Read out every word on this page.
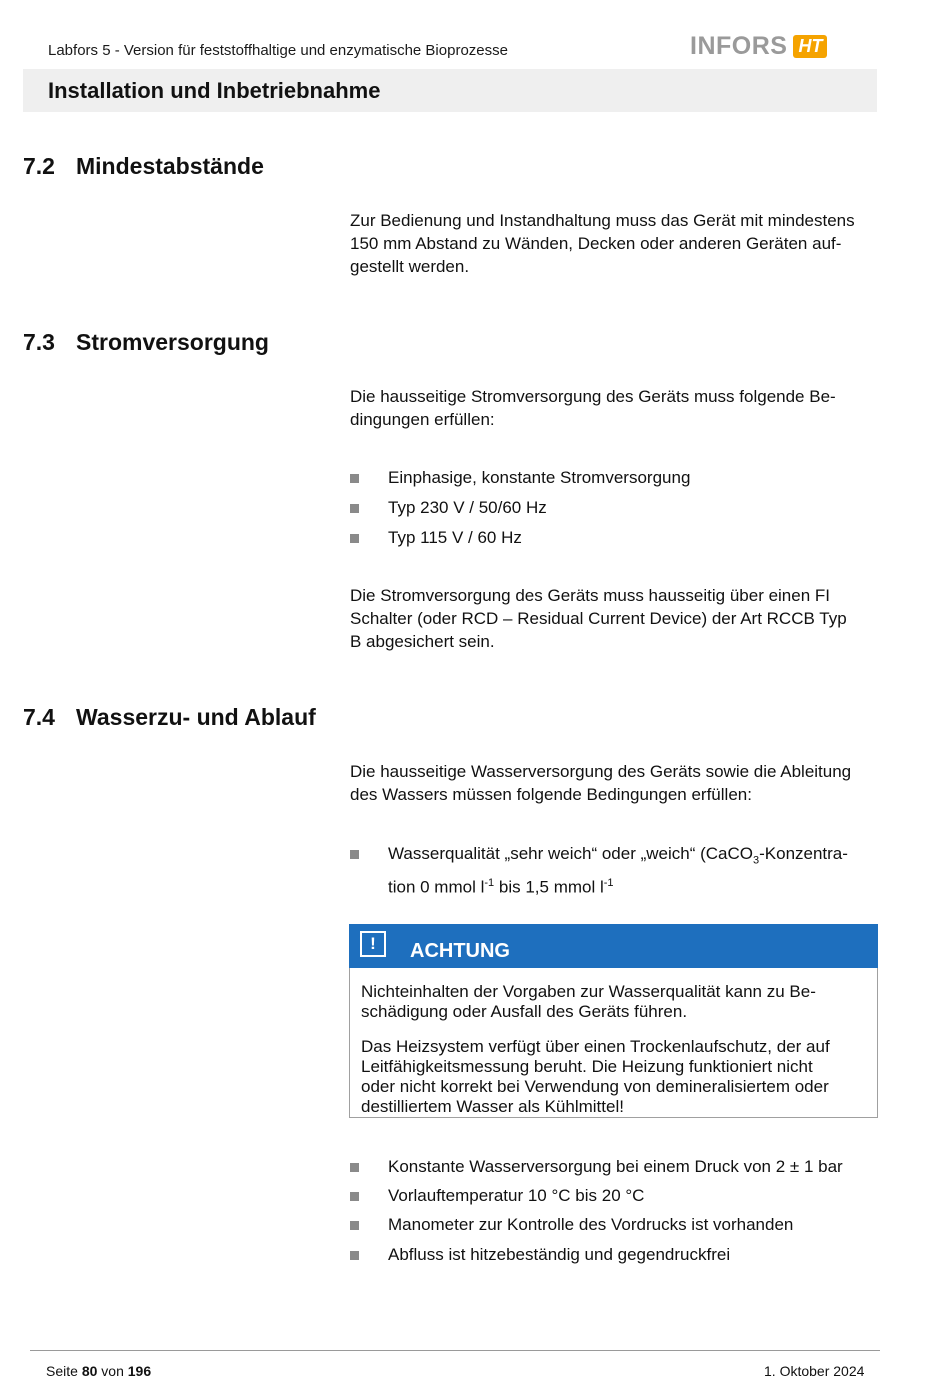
Labfors 5 - Version für feststoffhaltige und enzymatische Bioprozesse	INFORS HT
Installation und Inbetriebnahme
7.2 Mindestabstände
Zur Bedienung und Instandhaltung muss das Gerät mit mindestens
150 mm Abstand zu Wänden, Decken oder anderen Geräten auf-
gestellt werden.
7.3 Stromversorgung
Die hausseitige Stromversorgung des Geräts muss folgende Be-
dingungen erfüllen:
Einphasige, konstante Stromversorgung
Typ 230 V / 50/60 Hz
Typ 115 V / 60 Hz
Die Stromversorgung des Geräts muss hausseitig über einen FI
Schalter (oder RCD – Residual Current Device) der Art RCCB Typ
B abgesichert sein.
7.4 Wasserzu- und Ablauf
Die hausseitige Wasserversorgung des Geräts sowie die Ableitung
des Wassers müssen folgende Bedingungen erfüllen:
Wasserqualität „sehr weich“ oder „weich“ (CaCO$_3$-Konzentra-
tion 0 mmol $l^{-1}$ bis 1,5 mmol $l^{-1}$
!	ACHTUNG
Nichteinhalten der Vorgaben zur Wasserqualität kann zu Be-
schädigung oder Ausfall des Geräts führen.
Das Heizsystem verfügt über einen Trockenlaufschutz, der auf
Leitfähigkeitsmessung beruht. Die Heizung funktioniert nicht
oder nicht korrekt bei Verwendung von demineralisiertem oder
destilliertem Wasser als Kühlmittel!
Konstante Wasserversorgung bei einem Druck von 2 ± 1 bar
Vorlauftemperatur 10 °C bis 20 °C
Manometer zur Kontrolle des Vordrucks ist vorhanden
Abfluss ist hitzebeständig und gegendruckfrei
Seite 80 von 196	1. Oktober 2024
